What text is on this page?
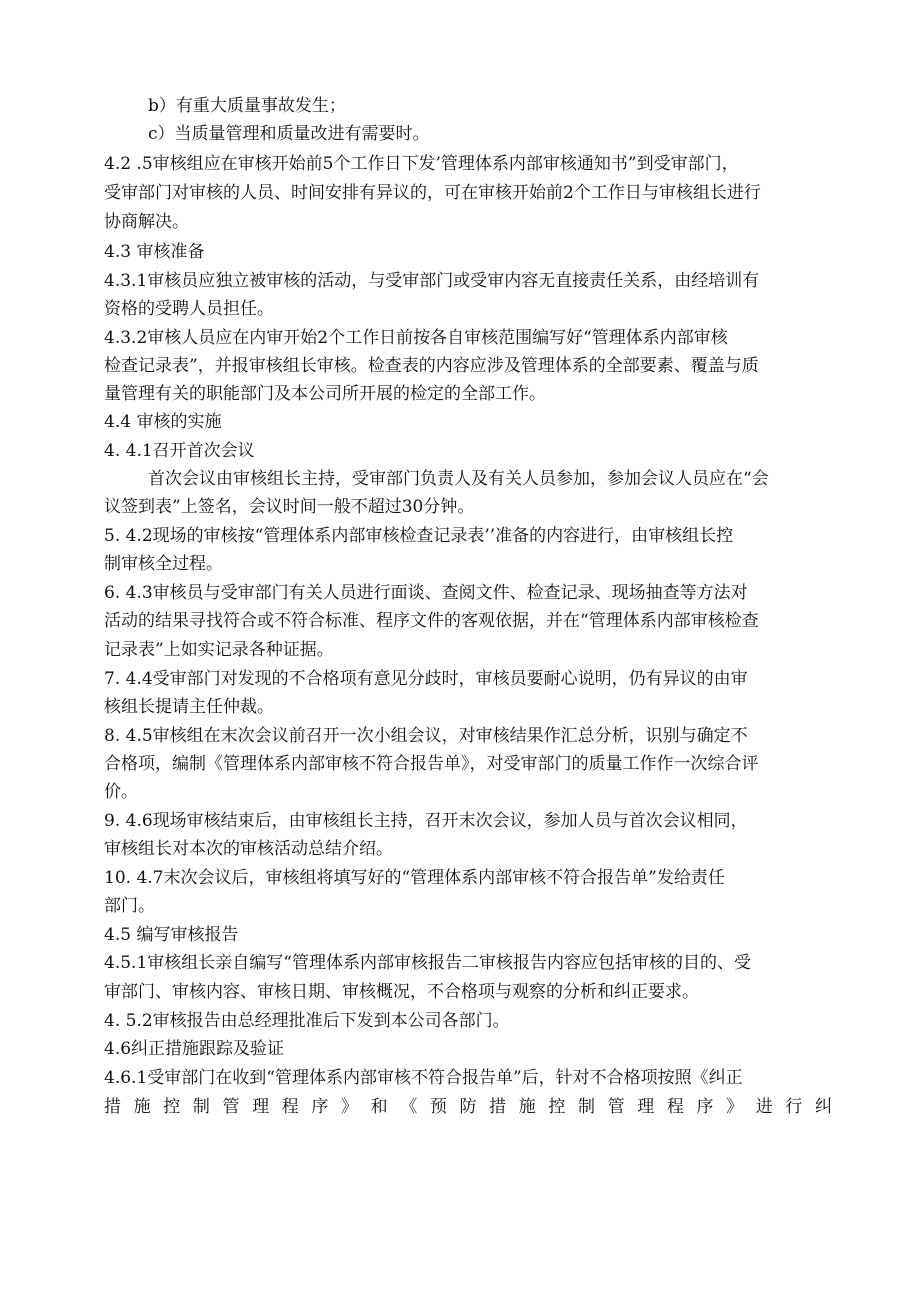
b）有重大质量事故发生；
c）当质量管理和质量改进有需要时。
4.2 .5审核组应在审核开始前5个工作日下发’管理体系内部审核通知书”到受审部门，
受审部门对审核的人员、时间安排有异议的，可在审核开始前2个工作日与审核组长进行
协商解决。
4.3 审核准备
4.3.1审核员应独立被审核的活动，与受审部门或受审内容无直接责任关系，由经培训有
资格的受聘人员担任。
4.3.2审核人员应在内审开始2个工作日前按各自审核范围编写好“管理体系内部审核
检查记录表”，并报审核组长审核。检查表的内容应涉及管理体系的全部要素、覆盖与质
量管理有关的职能部门及本公司所开展的检定的全部工作。
4.4 审核的实施
4. 4.1召开首次会议
首次会议由审核组长主持，受审部门负责人及有关人员参加，参加会议人员应在“会
议签到表”上签名，会议时间一般不超过30分钟。
5. 4.2现场的审核按“管理体系内部审核检查记录表’’准备的内容进行，由审核组长控
制审核全过程。
6. 4.3审核员与受审部门有关人员进行面谈、查阅文件、检查记录、现场抽查等方法对
活动的结果寻找符合或不符合标准、程序文件的客观依据，并在“管理体系内部审核检查
记录表”上如实记录各种证据。
7. 4.4受审部门对发现的不合格项有意见分歧时，审核员要耐心说明，仍有异议的由审
核组长提请主任仲裁。
8. 4.5审核组在末次会议前召开一次小组会议，对审核结果作汇总分析，识别与确定不
合格项，编制《管理体系内部审核不符合报告单》，对受审部门的质量工作作一次综合评
价。
9. 4.6现场审核结束后，由审核组长主持，召开末次会议，参加人员与首次会议相同，
审核组长对本次的审核活动总结介绍。
10. 4.7末次会议后，审核组将填写好的“管理体系内部审核不符合报告单”发给责任
部门。
4.5 编写审核报告
4.5.1审核组长亲自编写“管理体系内部审核报告二审核报告内容应包括审核的目的、受
审部门、审核内容、审核日期、审核概况，不合格项与观察的分析和纠正要求。
4. 5.2审核报告由总经理批准后下发到本公司各部门。
4.6纠正措施跟踪及验证
4.6.1受审部门在收到“管理体系内部审核不符合报告单”后，针对不合格项按照《纠正
措施控制管理程序》和《预防措施控制管理程序》进行纠
